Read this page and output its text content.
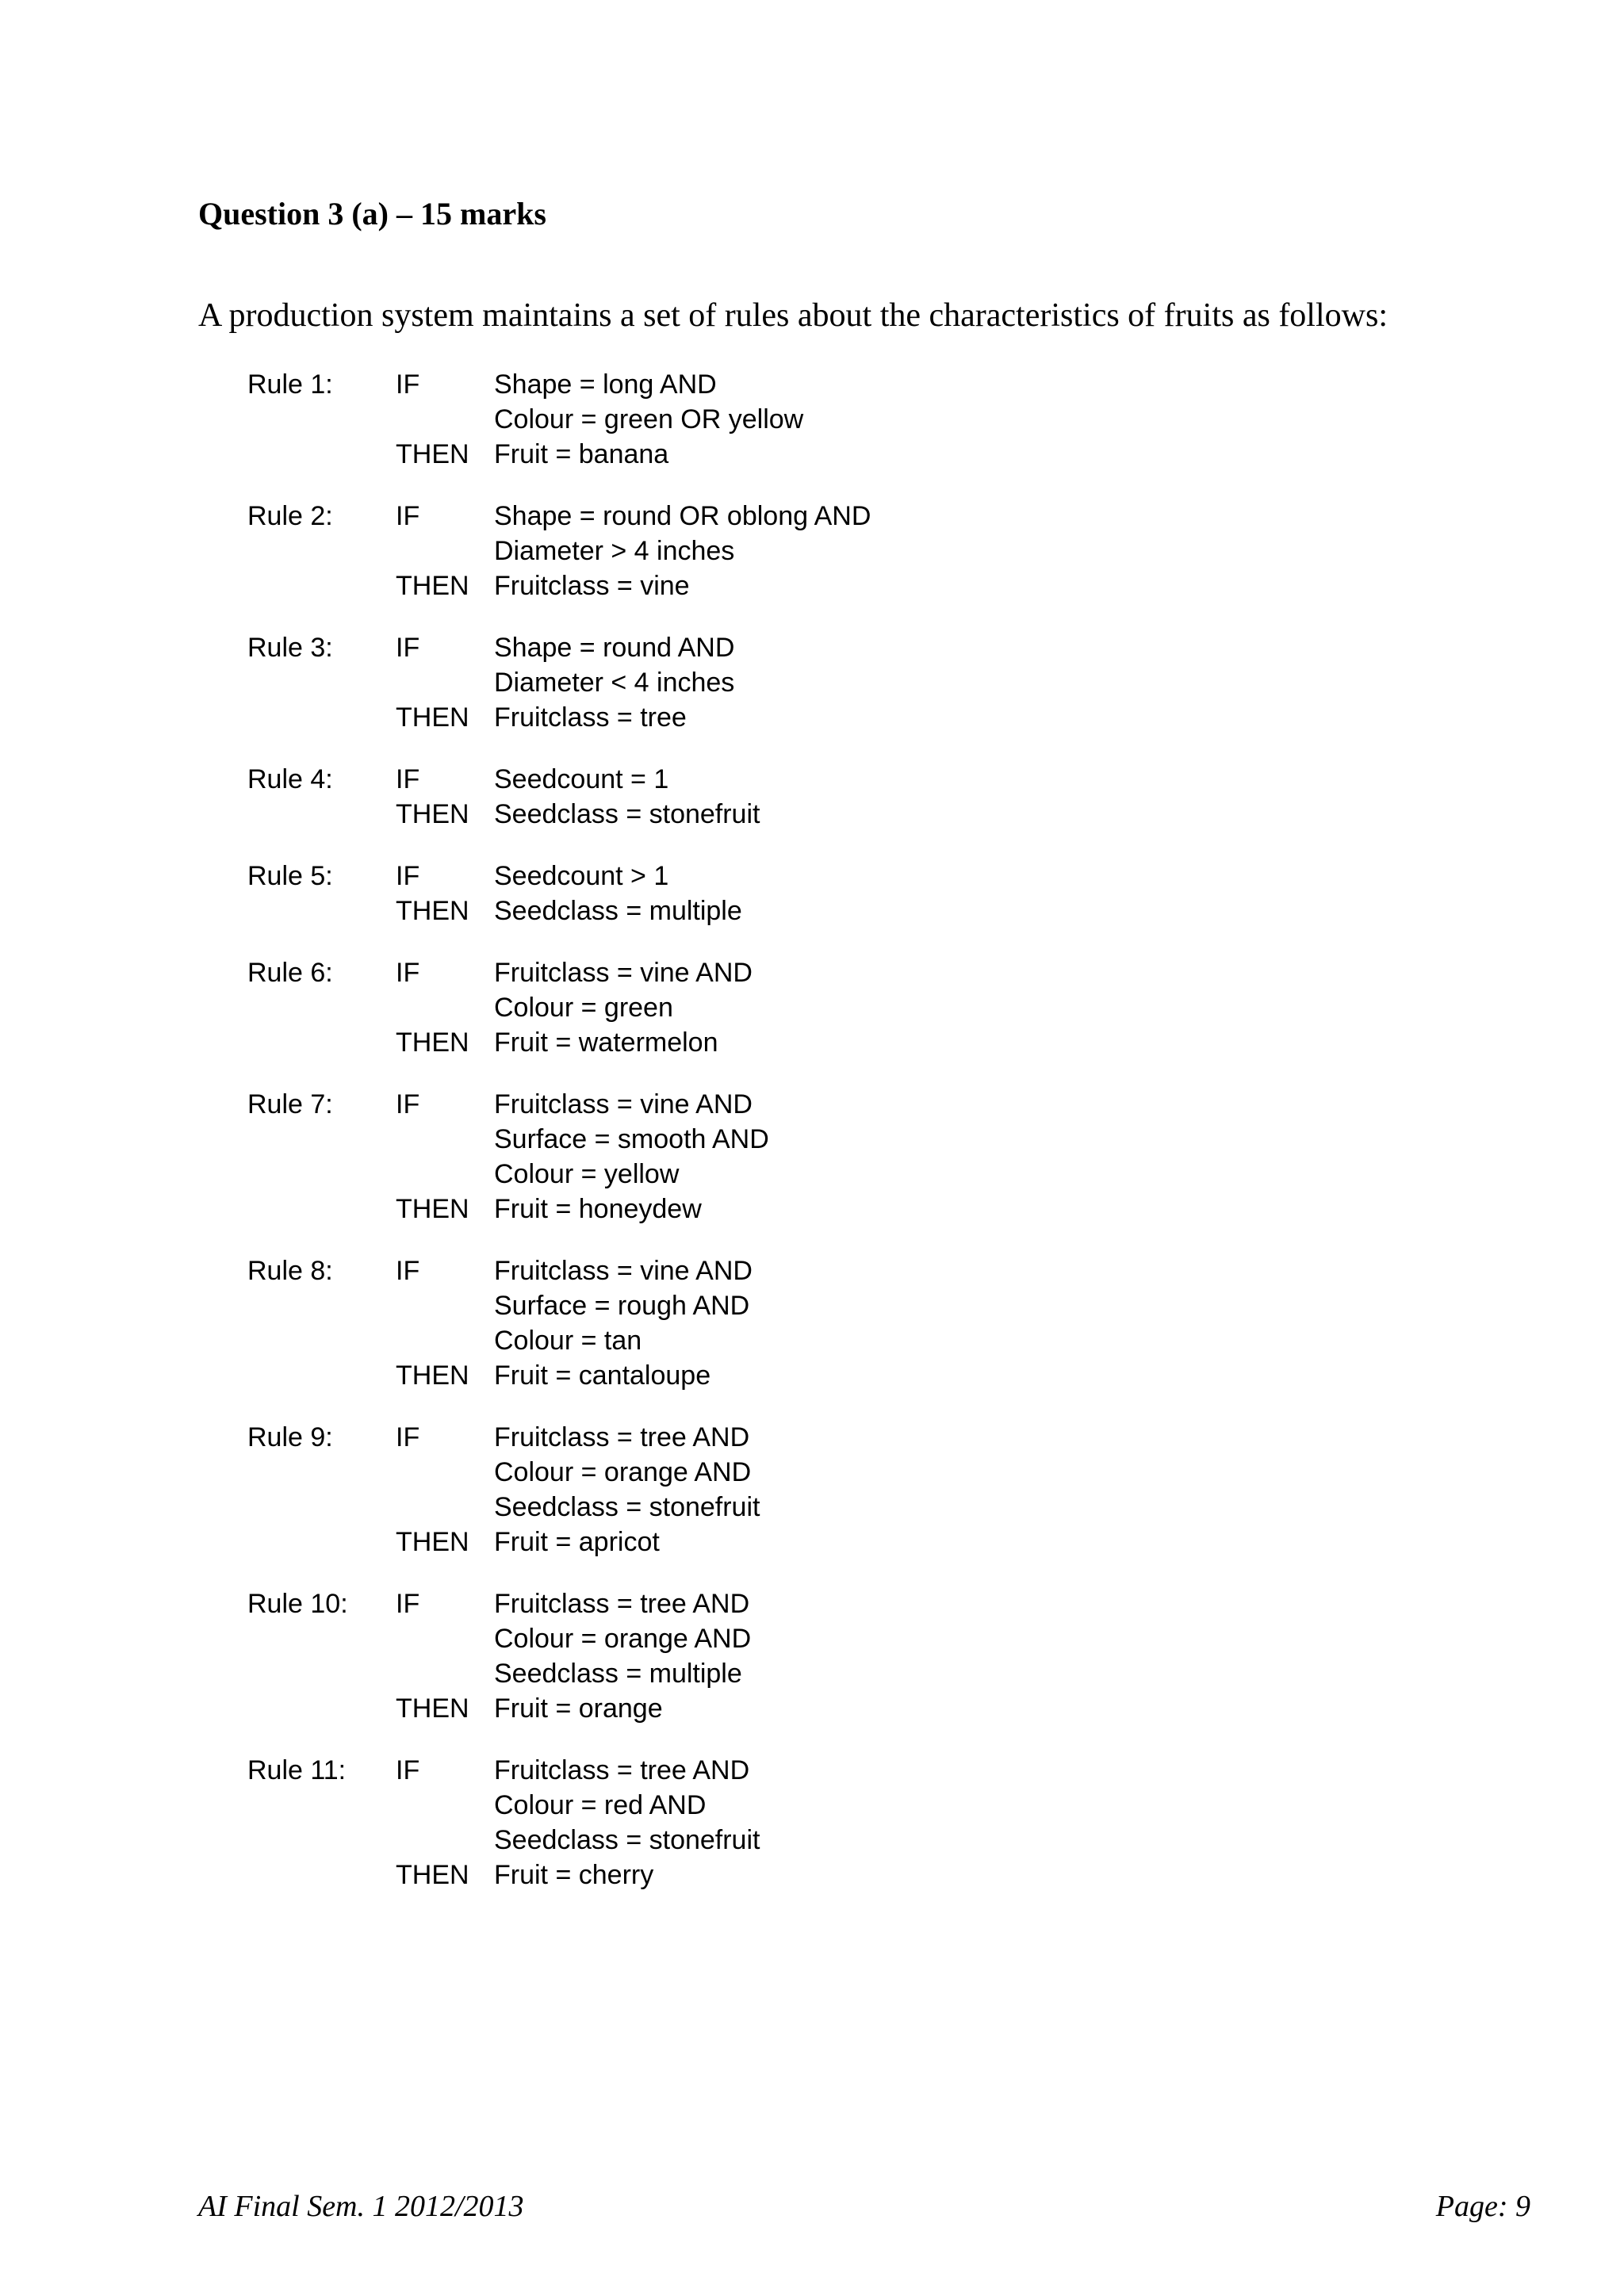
Question 3 (a) – 15 marks

A production system maintains a set of rules about the characteristics of fruits as follows:

Rule 1:	IF	Shape = long AND
Colour = green OR yellow
THEN Fruit = banana
Rule 2:	IF	Shape = round OR oblong AND
Diameter > 4 inches
THEN Fruitclass = vine
Rule 3:	IF	Shape = round AND
Diameter < 4 inches
THEN Fruitclass = tree
Rule 4:	IF	Seedcount = 1
THEN Seedclass = stonefruit
Rule 5:	IF	Seedcount > 1
THEN Seedclass = multiple
Rule 6:	IF	Fruitclass = vine AND
Colour = green
THEN Fruit = watermelon
Rule 7:	IF	Fruitclass = vine AND
Surface = smooth AND
Colour = yellow
THEN Fruit = honeydew
Rule 8:	IF	Fruitclass = vine AND
Surface = rough AND
Colour = tan
THEN Fruit = cantaloupe
Rule 9:	IF	Fruitclass = tree AND
Colour = orange AND
Seedclass = stonefruit
THEN Fruit = apricot
Rule 10:	IF	Fruitclass = tree AND
Colour = orange AND
Seedclass = multiple
THEN Fruit = orange
Rule 11:	IF	Fruitclass = tree AND
Colour = red AND
Seedclass = stonefruit
THEN Fruit = cherry
AI Final Sem. 1 2012/2013	Page: 9
